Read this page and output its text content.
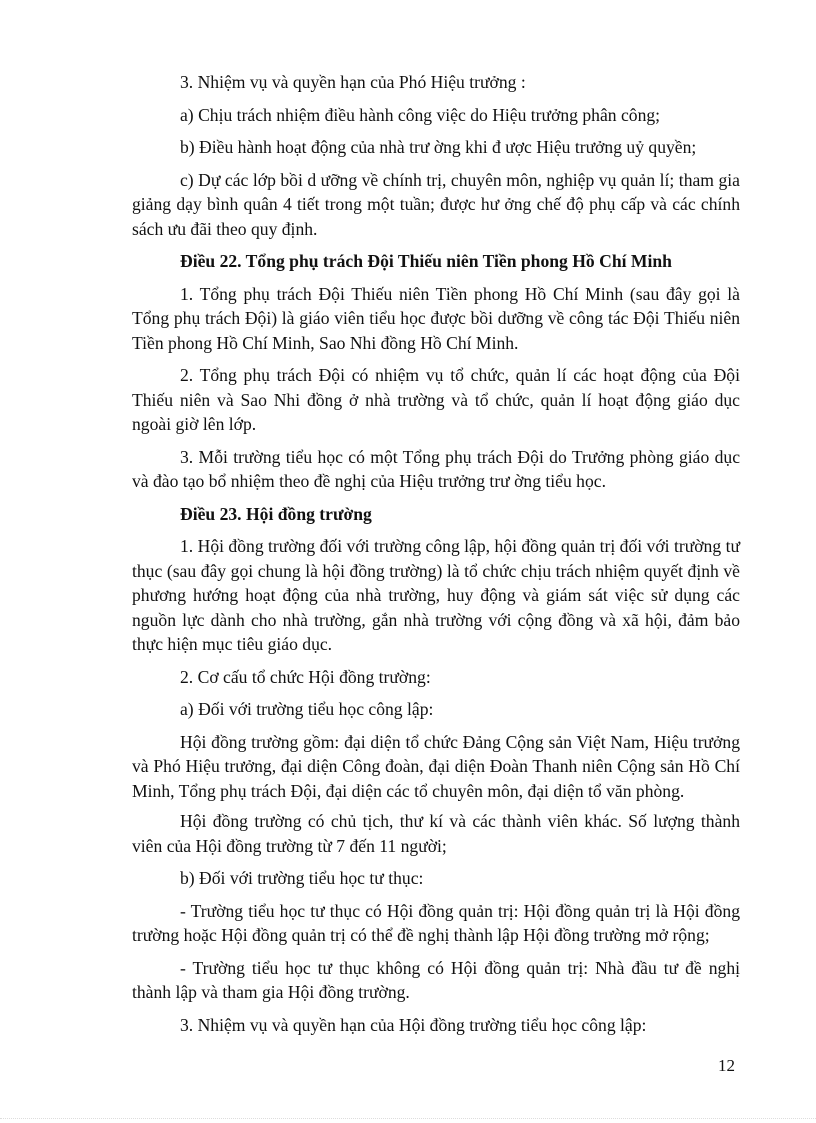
3. Nhiệm vụ và quyền hạn của Phó Hiệu trưởng :

a) Chịu trách nhiệm điều hành công việc do Hiệu trưởng phân công;

b) Điều hành hoạt động của nhà trư ờng khi đ ược Hiệu trưởng uỷ quyền;

c) Dự các lớp bồi d ưỡng về chính trị, chuyên môn, nghiệp vụ quản lí; tham gia giảng dạy bình quân 4 tiết trong một tuần; được hư ởng chế độ phụ cấp và các chính sách ưu đãi theo quy định.

Điều 22. Tổng phụ trách Đội Thiếu niên Tiền phong Hồ Chí Minh

1. Tổng phụ trách Đội Thiếu niên Tiền phong Hồ Chí Minh (sau đây gọi là Tổng phụ trách Đội) là giáo viên tiểu học được bồi dưỡng về công tác Đội Thiếu niên Tiền phong Hồ Chí Minh, Sao Nhi đồng Hồ Chí Minh.

2. Tổng phụ trách Đội có nhiệm vụ tổ chức, quản lí các hoạt động của Đội Thiếu niên và Sao Nhi đồng ở nhà trường và tổ chức, quản lí hoạt động giáo dục ngoài giờ lên lớp.

3. Mỗi trường tiểu học có một Tổng phụ trách Đội do Trưởng phòng giáo dục và đào tạo bổ nhiệm theo đề nghị của Hiệu trưởng trư ờng tiểu học.

Điều 23. Hội đồng trường

1. Hội đồng trường đối với trường công lập, hội đồng quản trị đối với trường tư thục (sau đây gọi chung là hội đồng trường) là tổ chức chịu trách nhiệm quyết định về phương hướng hoạt động của nhà trường, huy động và giám sát việc sử dụng các nguồn lực dành cho nhà trường, gắn nhà trường với cộng đồng và xã hội, đảm bảo thực hiện mục tiêu giáo dục.

2. Cơ cấu tổ chức Hội đồng trường:

a) Đối với trường tiểu học công lập:

Hội đồng trường gồm: đại diện tổ chức Đảng Cộng sản Việt Nam, Hiệu trưởng và Phó Hiệu trưởng, đại diện Công đoàn, đại diện Đoàn Thanh niên Cộng sản Hồ Chí Minh, Tổng phụ trách Đội, đại diện các tổ chuyên môn, đại diện tổ văn phòng.

Hội đồng trường có chủ tịch, thư kí và các thành viên khác. Số lượng thành viên của Hội đồng trường từ 7 đến 11 người;

b) Đối với trường tiểu học tư thục:

- Trường tiểu học tư thục có Hội đồng quản trị: Hội đồng quản trị là Hội đồng trường hoặc Hội đồng quản trị có thể đề nghị thành lập Hội đồng trường mở rộng;

- Trường tiểu học tư thục không có Hội đồng quản trị: Nhà đầu tư đề nghị thành lập và tham gia Hội đồng trường.

3. Nhiệm vụ và quyền hạn của Hội đồng trường tiểu học công lập:

12
